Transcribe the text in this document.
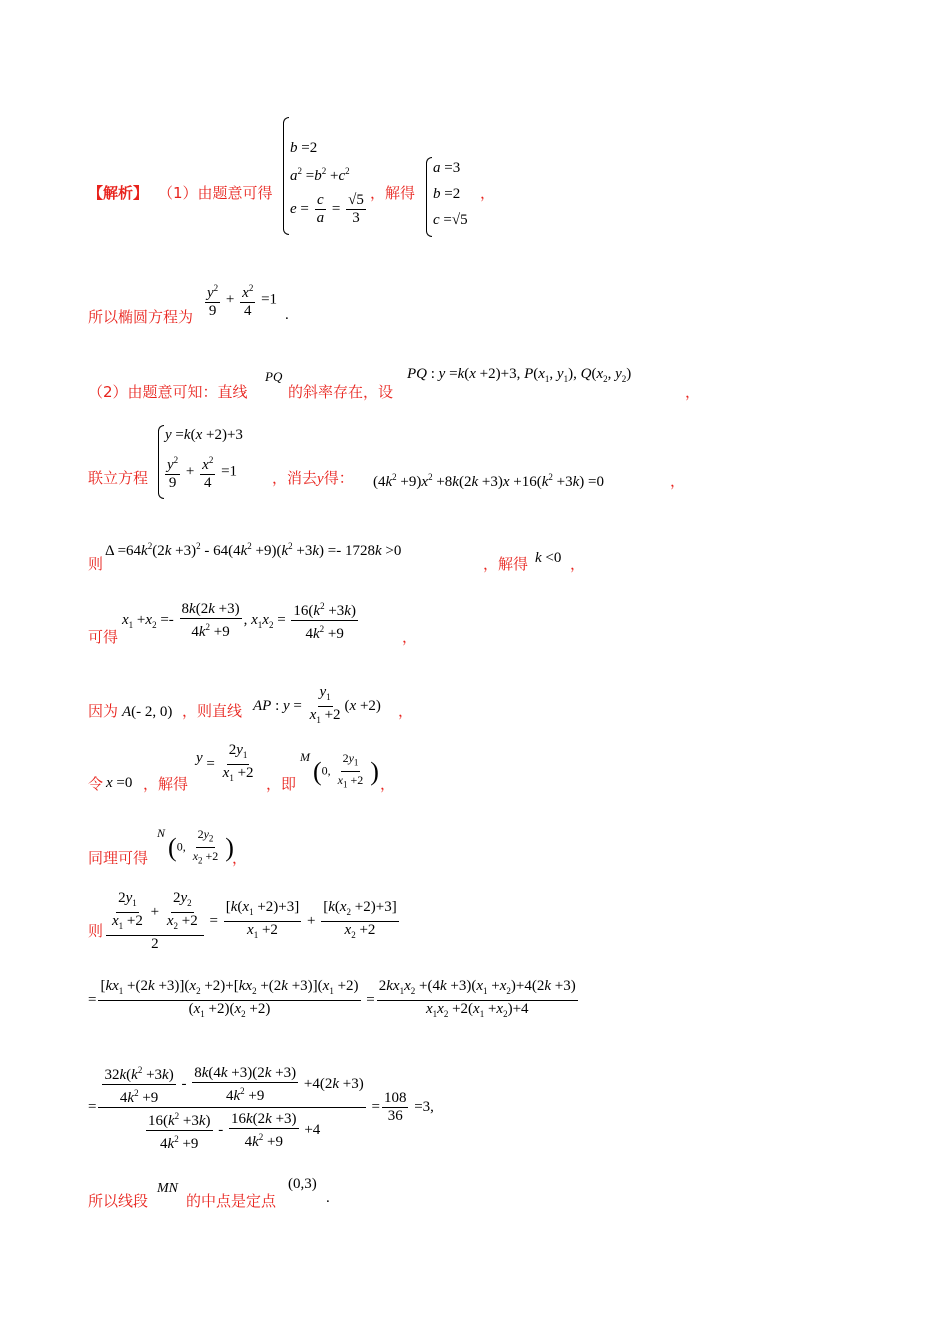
【解析】 （1）由题意可得
b =2
$a^2 =b^2 +c^2$
$e = \frac{c}{a} = \frac{√5}{3}$ ，解得
a =3
b =2
c =√5
，
所以椭圆方程为 $\frac{y^2}{9} + \frac{x^2}{4} =1$
.
（2）由题意可知：直线
PQ
的斜率存在，设
PQ : y =k(x +2)+3, $P(x_1$, $y_1$), $Q(x_2$, $y_2$)
，
联立方程
y =k(x +2)+3
$\frac{y^2}{9} + \frac{x^2}{4} =1$ ，消去y得： $(4k^2 +9)x^2 +8k(2k +3)x +16(k^2 +3k) =0$	，
则
$\Delta =64k^2(2k +3)^2 - 64(4k^2 +9)(k^2 +3k) =- 1728k >0$
，解得 k <0 ，
可得
$x_1 +x_2 =- \frac{8k(2k +3)}{4k^2 +9}$ , $x_1x_2 = \frac{16(k^2 +3k)}{4k^2 +9}$	，
因为 A(- 2, 0) ，则直线 AP : $y = \frac{y_1}{x_1 +2} (x +2)$ ，
令 x =0 ，解得
$y = \frac{2y_1}{x_1 +2}$ ，即
M (0, $\frac{2y_1}{x_1 +2}$ ) ，
同理可得
N (0, $\frac{2y_2}{x_2 +2}$ )
，
则 $\frac{\frac{2y_1}{x_1 +2} + \frac{2y_2}{x_2 +2}}{2} = \frac{[k(x_1 +2)+3]}{x_1 +2} + \frac{[k(x_2 +2)+3]}{x_2 +2}$
= $\frac{[kx_1 +(2k +3)](x_2 +2)+[kx_2 +(2k +3)](x_1 +2)}{(x_1 +2)(x_2 +2)} = \frac{2kx_1x_2 +(4k +3)(x_1 +x_2)+4(2k +3)}{x_1x_2 +2(x_1 +x_2)+4}$
= $\frac{\frac{32k(k^2 +3k)}{4k^2 +9} - \frac{8k(4k +3)(2k +3)}{4k^2 +9} +4(2k +3)}{\frac{16(k^2 +3k)}{4k^2 +9} - \frac{16k(2k +3)}{4k^2 +9} +4} = \frac{108}{36} =3$,
所以线段
MN
的中点是定点
(0,3)
.
